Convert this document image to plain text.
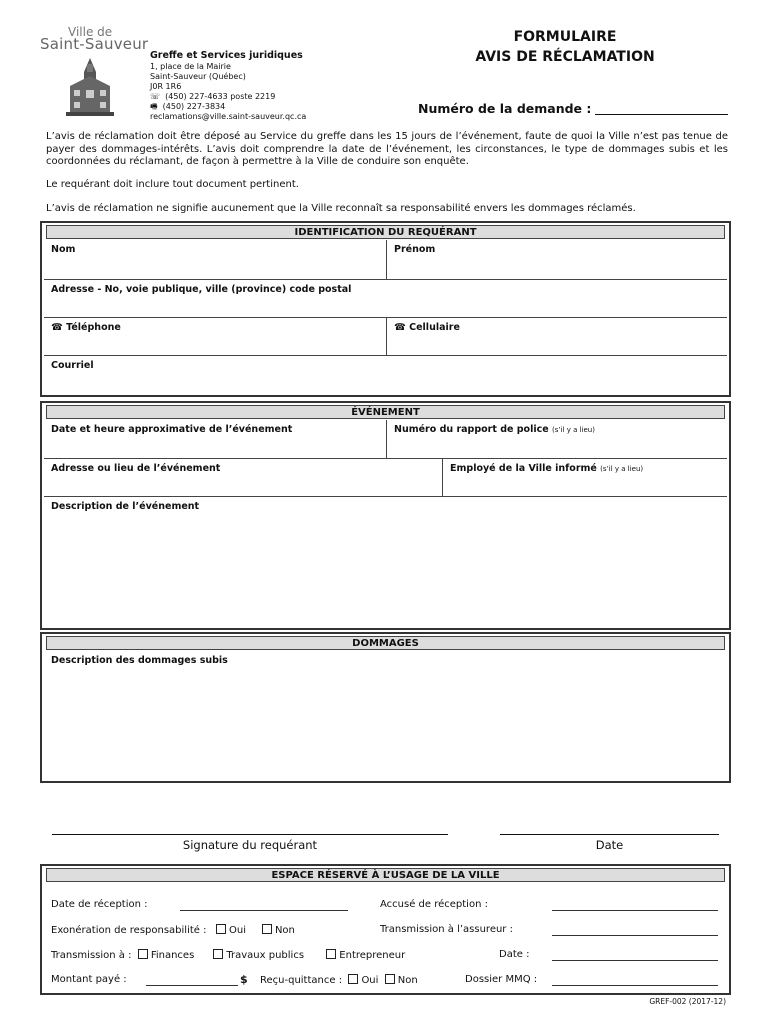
Ville de
Saint-Sauveur
Greffe et Services juridiques
1, place de la Mairie
Saint-Sauveur (Québec)
J0R 1R6
☏ (450) 227-4633 poste 2219
🖷 (450) 227-3834
reclamations@ville.saint-sauveur.qc.ca
FORMULAIRE
AVIS DE RÉCLAMATION
Numéro de la demande :
L’avis de réclamation doit être déposé au Service du greffe dans les 15 jours de l’événement, faute de quoi la Ville n’est pas tenue de payer des dommages-intérêts. L’avis doit comprendre la date de l’événement, les circonstances, le type de dommages subis et les coordonnées du réclamant, de façon à permettre à la Ville de conduire son enquête.
Le requérant doit inclure tout document pertinent.
L’avis de réclamation ne signifie aucunement que la Ville reconnaît sa responsabilité envers les dommages réclamés.
IDENTIFICATION DU REQUÉRANT
Nom	Prénom
Adresse - No, voie publique, ville (province) code postal
☎ Téléphone	☎ Cellulaire
Courriel
ÉVÉNEMENT
Date et heure approximative de l’événement	Numéro du rapport de police (s’il y a lieu)
Adresse ou lieu de l’événement	Employé de la Ville informé (s’il y a lieu)
Description de l’événement
DOMMAGES
Description des dommages subis
Signature du requérant	Date
ESPACE RÉSERVÉ À L’USAGE DE LA VILLE
Date de réception :	Accusé de réception :
Exonération de responsabilité : Oui	Non	Transmission à l’assureur :
Transmission à : Finances	Travaux publics	Entrepreneur	Date :
Montant payé :	$ Reçu-quittance : Oui Non	Dossier MMQ :
GREF-002 (2017-12)
